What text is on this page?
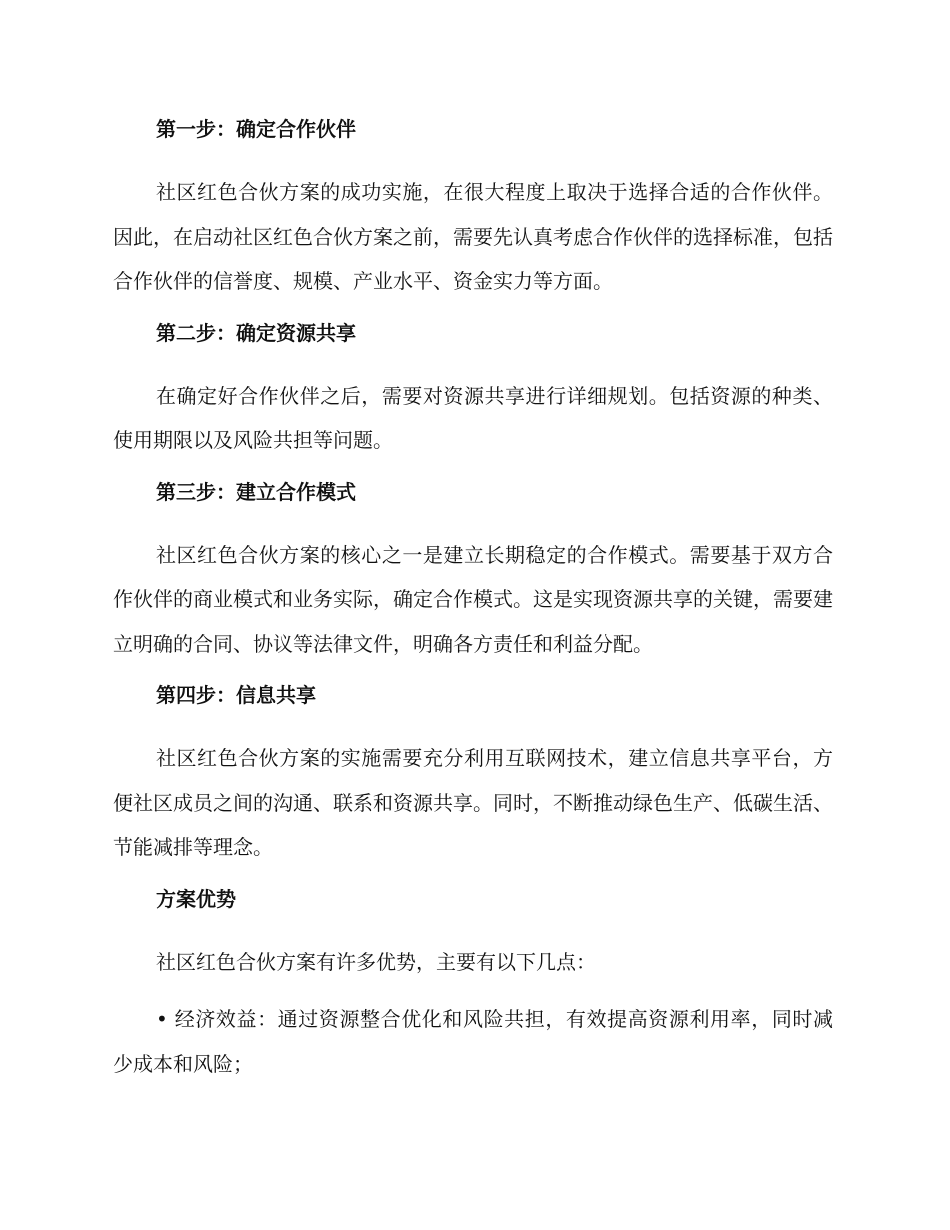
第一步：确定合作伙伴

社区红色合伙方案的成功实施，在很大程度上取决于选择合适的合作伙伴。因此，在启动社区红色合伙方案之前，需要先认真考虑合作伙伴的选择标准，包括合作伙伴的信誉度、规模、产业水平、资金实力等方面。

第二步：确定资源共享

在确定好合作伙伴之后，需要对资源共享进行详细规划。包括资源的种类、使用期限以及风险共担等问题。

第三步：建立合作模式

社区红色合伙方案的核心之一是建立长期稳定的合作模式。需要基于双方合作伙伴的商业模式和业务实际，确定合作模式。这是实现资源共享的关键，需要建立明确的合同、协议等法律文件，明确各方责任和利益分配。

第四步：信息共享

社区红色合伙方案的实施需要充分利用互联网技术，建立信息共享平台，方便社区成员之间的沟通、联系和资源共享。同时，不断推动绿色生产、低碳生活、节能减排等理念。

方案优势

社区红色合伙方案有许多优势，主要有以下几点：

• 经济效益：通过资源整合优化和风险共担，有效提高资源利用率，同时减少成本和风险；
